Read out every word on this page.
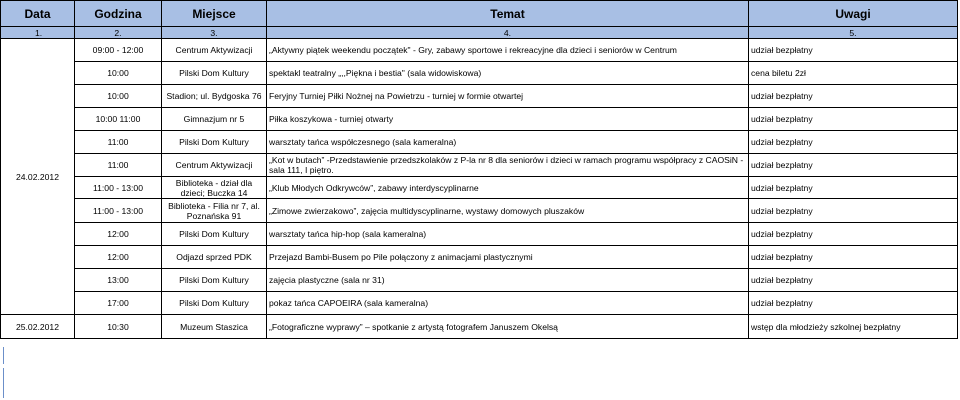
Data	Godzina	Miejsce	Temat	Uwagi
1.	2.	3.	4.	5.
24.02.2012	09:00 - 12:00	Centrum Aktywizacji	„Aktywny piątek weekendu początek" - Gry, zabawy sportowe i rekreacyjne dla dzieci i seniorów w Centrum	udział bezpłatny
	10:00	Pilski Dom Kultury	spektakl teatralny „,,Piękna i bestia" (sala widowiskowa)	cena biletu 2zł
	10:00	Stadion; ul. Bydgoska 76	Feryjny Turniej Piłki Nożnej na Powietrzu - turniej w formie otwartej	udział bezpłatny
	10:00 11:00	Gimnazjum nr 5	Piłka koszykowa - turniej otwarty	udział bezpłatny
	11:00	Pilski Dom Kultury	warsztaty tańca współczesnego (sala kameralna)	udział bezpłatny
	11:00	Centrum Aktywizacji	„Kot w butach” -Przedstawienie przedszkolaków z P-la nr 8 dla seniorów i dzieci w ramach programu współpracy z CAOSiN - sala 111, I piętro.	udział bezpłatny
	11:00 - 13:00	Biblioteka - dział dla dzieci; Buczka 14	„Klub Młodych Odkrywców”, zabawy interdyscyplinarne	udział bezpłatny
	11:00 - 13:00	Biblioteka - Filia nr 7, al. Poznańska 91	„Zimowe zwierzakowo”, zajęcia multidyscyplinarne, wystawy domowych pluszaków	udział bezpłatny
	12:00	Pilski Dom Kultury	warsztaty tańca hip-hop (sala kameralna)	udział bezpłatny
	12:00	Odjazd sprzed PDK	Przejazd Bambi-Busem po Pile połączony z animacjami plastycznymi	udział bezpłatny
	13:00	Pilski Dom Kultury	zajęcia plastyczne (sala nr 31)	udział bezpłatny
	17:00	Pilski Dom Kultury	pokaz tańca CAPOEIRA (sala kameralna)	udział bezpłatny
25.02.2012	10:30	Muzeum Staszica	„Fotograficzne wyprawy” – spotkanie z artystą fotografem Januszem Okelsą	wstęp dla młodzieży szkolnej bezpłatny
